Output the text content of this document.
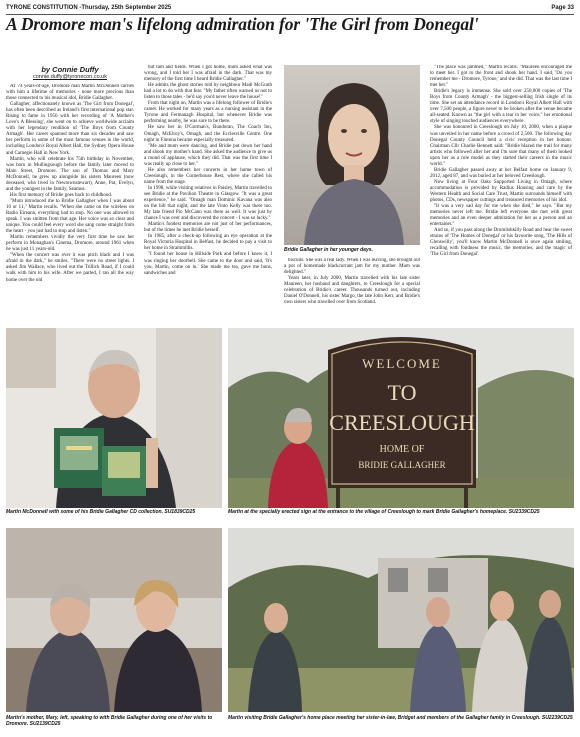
TYRONE CONSTITUTION -Thursday, 25th September 2025	Page 33
A Dromore man's lifelong admiration for 'The Girl from Donegal'
by Connie Duffy
connie.duffy@tyronecon.co.uk

AT 74 years-of-age, Dromore man Martin McDonnell carries with him a lifetime of memories - none more precious than those connected to his musical idol, Bridie Gallagher.

Gallagher, affectionately known as 'The Girl from Donegal', has often been described as Ireland's first international pop star. Rising to fame in 1956 with her recording of 'A Mother's Love's A Blessing', she went on to achieve worldwide acclaim with her legendary rendition of 'The Boys from County Armagh'. Her career spanned more than six decades and saw her perform in some of the most famous venues in the world, including London's Royal Albert Hall, the Sydney Opera House and Carnegie Hall in New York.

Martin, who will celebrate his 75th birthday in November, was born in Mullingsough before the family later moved to Main Street, Dromore. The son of Thomas and Mary McDonnell, he grew up alongside his sisters Maureen (now deceased, who lived in Newtownstewart), Anne, Pat, Evelyn, and the youngest in the family, Seamus.

His first memory of Bridie goes back to childhood.

"Mum introduced me to Bridie Gallagher when I was about 10 or 11," Martin recalls. "When she came on the wireless on Radio Eireann, everything had to stop. No one was allowed to speak. I was smitten from that age. Her voice was so clear and unique. You could feel every word she sang come straight from the heart - you just had to stop and listen."

Martin remembers vividly the very first time he saw her perform in Monaghan's Cinema, Dromore, around 1961 when he was just 11 years-old.

"When the concert was over it was pitch black and I was afraid in the dark," he smiles. "There were no street lights. I asked Jim Wallace, who lived out the Trillick Road, if I could walk with him to his wife. After we parted, I ran all the way home over the old

hut fam and fields. When I got home, mum asked what was wrong, and I told her I was afraid in the dark. That was my memory of the first time I heard Bridie Gallagher."

He admits the ghost stories told by neighbour Madi McGrath had a lot to do with that fear. "My father often warned us not to listen to those tales - he'd say you'd never leave the house!"

From that night on, Martin was a lifelong follower of Bridie's career. He worked for many years as a nursing assistant in the Tyrone and Fermanagh Hospital, but whenever Bridie was performing nearby, he was sure to be there.

He saw her in O'Gorman's, Bundoran, The Coach Inn, Omagh, McElroy's, Omagh, and the Ecclesville Centre. One night in Fintona became especially treasured.

"Me and mum were dancing, and Bridie put down her hand and shook my mother's hand. She asked the audience to give us a round of applause, which they did. That was the first time I was really up close to her."

He also remembers her concerts in her home town of Creeslough, in the Cornerhouse Rest, where she called his name from the stage.

In 1998, while visiting relatives in Paisley, Martin travelled to see Bridie at the Pavilion Theatre in Glasgow. "It was a great experience," he said. "Omagh man Dominic Kavana was also on the bill that night, and the late Vinto Kelly was there too. My late friend Pio McCann was there as well. It was just by chance I was over and discovered the concert - I was so lucky."

Martin's fondest memories are not just of her performances, but of the times he met Bridie herself.

In 1985, after a check-up following an eye operation at the Royal Victoria Hospital in Belfast, he decided to pay a visit to her home in Strammillis.

"I found her house in Hillside Park and before I knew it, I was ringing her doorbell. She came to the door and said, 'It's you, Martin, come on in.' She made me tea, gave me buns, sandwiches and

biscuits. She was a real lady. When I was leaving, she brought out a pot of homemade blackcurrant jam for my mother. Mum was delighted."

Years later, in July 2000, Martin travelled with his late sister Maureen, her husband and daughters, to Creeslough for a special celebration of Bridie's career. Thousands turned out, including Daniel O'Donnell, his sister Margo, the late John Kerr, and Bridie's own sisters who travelled over from Scotland.

"The place was jammed," Martin recalls. "Maureen encouraged me to meet her. I got to the front and shook her hand. I said, 'Do you remember me - Dromore, Tyrone,' and she did. That was the last time I met her."

Bridie's legacy is immense. She sold over 250,000 copies of 'The Boys from County Armagh' - the biggest-selling Irish single of its time. She set an attendance record in London's Royal Albert Hall with over 7,500 people, a figure never to be broken after the venue became all-seated. Known as "the girl with a tear in her voice," her emotional style of singing touched audiences everywhere.

She was honoured in Creeslough on July 10, 2000, when a plaque was unveiled in her name before a crowd of 2,500. The following day Donegal County Council held a civic reception in her honour. Chairman Cllr Charlie Bennett said: "Bridie blazed the trail for many artists who followed after her and I'm sure that many of them looked upon her as a role model as they started their careers in the music world."

Bridie Gallagher passed away at her Belfast home on January 9, 2012, aged 87, and was buried at her beloved Creeslough.

Now living at Four Oaks Supported Living in Omagh, where accommodation is provided by Radius Housing and care by the Western Health and Social Care Trust, Martin surrounds himself with photos, CDs, newspaper cuttings and treasured memories of his idol.

"It was a very sad day for me when she died," he says. "But my memories never left me. Bridie left everyone she met with great memories and an even deeper admiration for her as a person and an entertainer."

And so, if you pass along the Drumlishkilly Road and hear the sweet strains of 'The Homes of Donegal' or his favourite song, 'The Hills of Glenswilly', you'll know Martin McDonnell is once again smiling, recalling with fondness the music, the memories, and the magic of 'The Girl from Donegal'.

Bridie Gallagher in her younger days.
Martin McDonnell with some of his Bridie Gallagher CD collection. SU1839CD25
WELCOME
TO
CREESLOUGH
HOME OF
BRIDIE GALLAGHER
Martin at the specially erected sign at the entrance to the village of Creeslough to mark Bridie Gallagher's homeplace. SU2339CD25
Martin's mother, Mary, left, speaking to with Bridie Gallagher during one of her visits to Dromore. SU2139CD25
Martin visiting Bridie Gallagher's home place meeting her sister-in-law, Bridget and members of the Gallagher family in Creeslough. SU2239CD25
